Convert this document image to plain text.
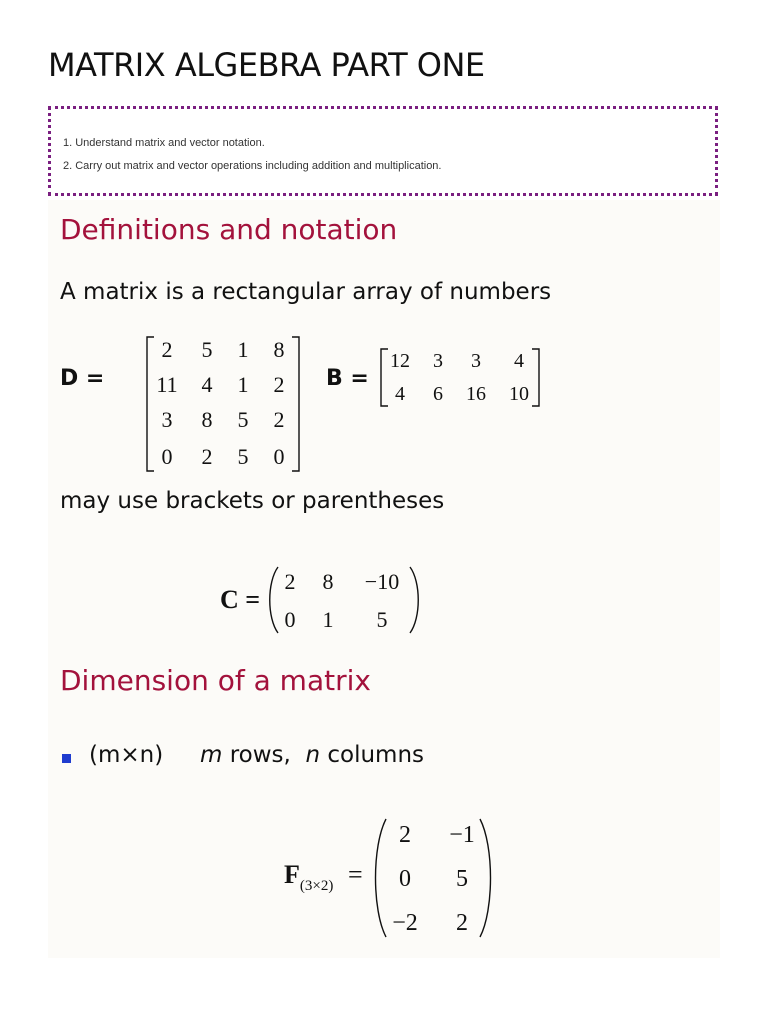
MATRIX ALGEBRA PART ONE
1. Understand matrix and vector notation.
2. Carry out matrix and vector operations including addition and multiplication.
Definitions and notation
A matrix is a rectangular array of numbers
D =
2 5 1 8
11 4 1 2
3 8 5 2
0 2 5 0
B =
12 3 3 4
4 6 16 10
may use brackets or parentheses
C =
2 8 −10
0 1 5
Dimension of a matrix
(m×n) m rows,  n columns
$F_{(3\times 2)}$ =
2 −1
0 5
−2 2
